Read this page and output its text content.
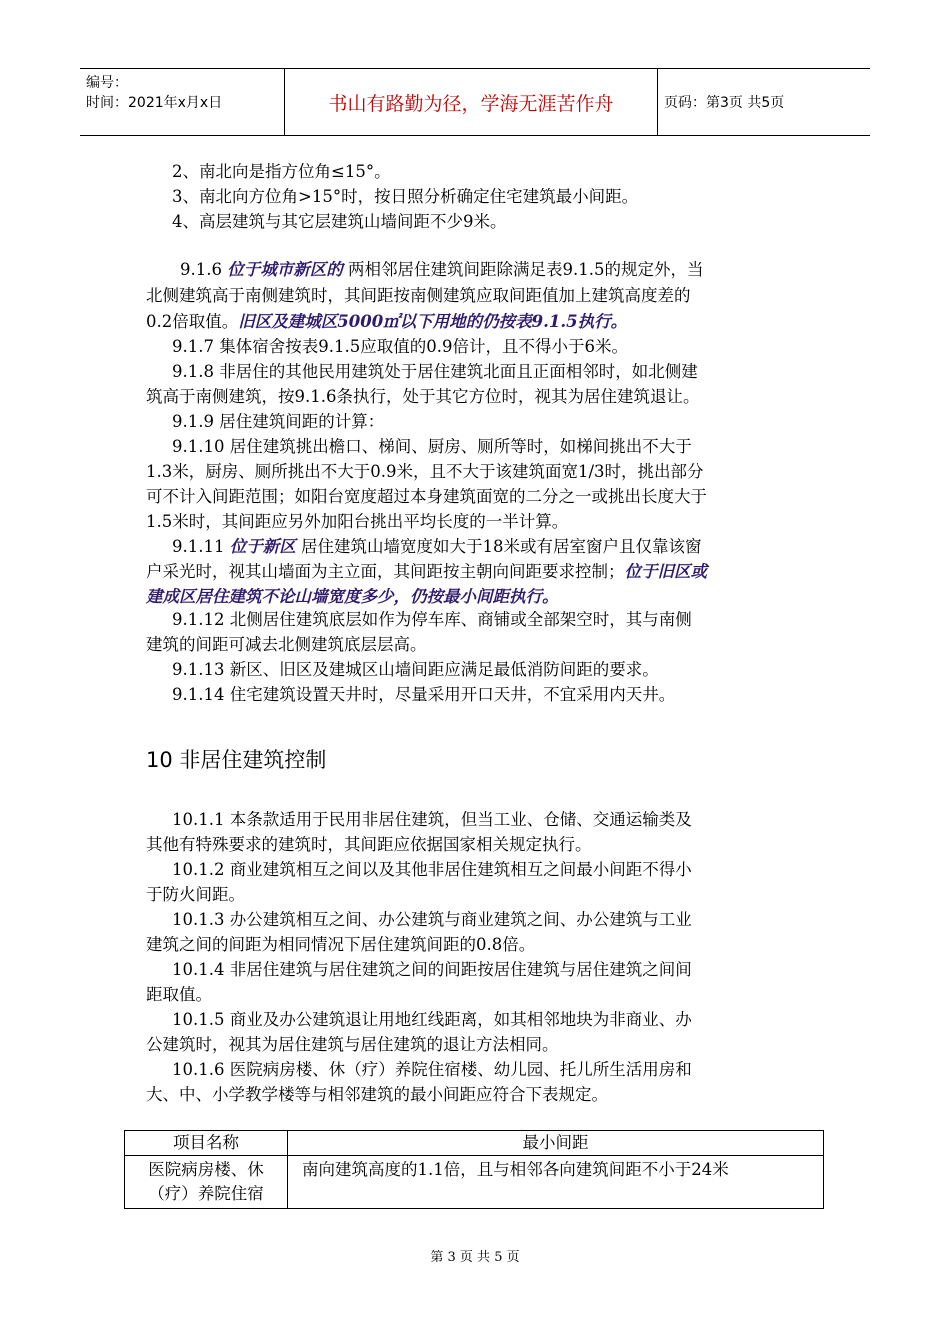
编号：
时间：2021年x月x日	书山有路勤为径，学海无涯苦作舟	页码：第3页 共5页
2、南北向是指方位角≤15°。
3、南北向方位角>15°时，按日照分析确定住宅建筑最小间距。
4、高层建筑与其它层建筑山墙间距不少9米。
9.1.6 位于城市新区的 两相邻居住建筑间距除满足表9.1.5的规定外，当
北侧建筑高于南侧建筑时，其间距按南侧建筑应取间距值加上建筑高度差的
0.2倍取值。旧区及建城区5000㎡以下用地的仍按表9.1.5执行。
9.1.7 集体宿舍按表9.1.5应取值的0.9倍计，且不得小于6米。
9.1.8 非居住的其他民用建筑处于居住建筑北面且正面相邻时，如北侧建
筑高于南侧建筑，按9.1.6条执行，处于其它方位时，视其为居住建筑退让。
9.1.9 居住建筑间距的计算：
9.1.10 居住建筑挑出檐口、梯间、厨房、厕所等时，如梯间挑出不大于
1.3米，厨房、厕所挑出不大于0.9米，且不大于该建筑面宽1/3时，挑出部分
可不计入间距范围；如阳台宽度超过本身建筑面宽的二分之一或挑出长度大于
1.5米时，其间距应另外加阳台挑出平均长度的一半计算。
9.1.11 位于新区 居住建筑山墙宽度如大于18米或有居室窗户且仅靠该窗
户采光时，视其山墙面为主立面，其间距按主朝向间距要求控制；位于旧区或
建成区居住建筑不论山墙宽度多少，仍按最小间距执行。
9.1.12 北侧居住建筑底层如作为停车库、商铺或全部架空时，其与南侧
建筑的间距可减去北侧建筑底层层高。
9.1.13 新区、旧区及建城区山墙间距应满足最低消防间距的要求。
9.1.14 住宅建筑设置天井时，尽量采用开口天井，不宜采用内天井。
10 非居住建筑控制
10.1.1 本条款适用于民用非居住建筑，但当工业、仓储、交通运输类及
其他有特殊要求的建筑时，其间距应依据国家相关规定执行。
10.1.2 商业建筑相互之间以及其他非居住建筑相互之间最小间距不得小
于防火间距。
10.1.3 办公建筑相互之间、办公建筑与商业建筑之间、办公建筑与工业
建筑之间的间距为相同情况下居住建筑间距的0.8倍。
10.1.4 非居住建筑与居住建筑之间的间距按居住建筑与居住建筑之间间
距取值。
10.1.5 商业及办公建筑退让用地红线距离，如其相邻地块为非商业、办
公建筑时，视其为居住建筑与居住建筑的退让方法相同。
10.1.6 医院病房楼、休（疗）养院住宿楼、幼儿园、托儿所生活用房和
大、中、小学教学楼等与相邻建筑的最小间距应符合下表规定。
项目名称	最小间距

医院病房楼、休
（疗）养院住宿	南向建筑高度的1.1倍，且与相邻各向建筑间距不小于24米
第 3 页 共 5 页
